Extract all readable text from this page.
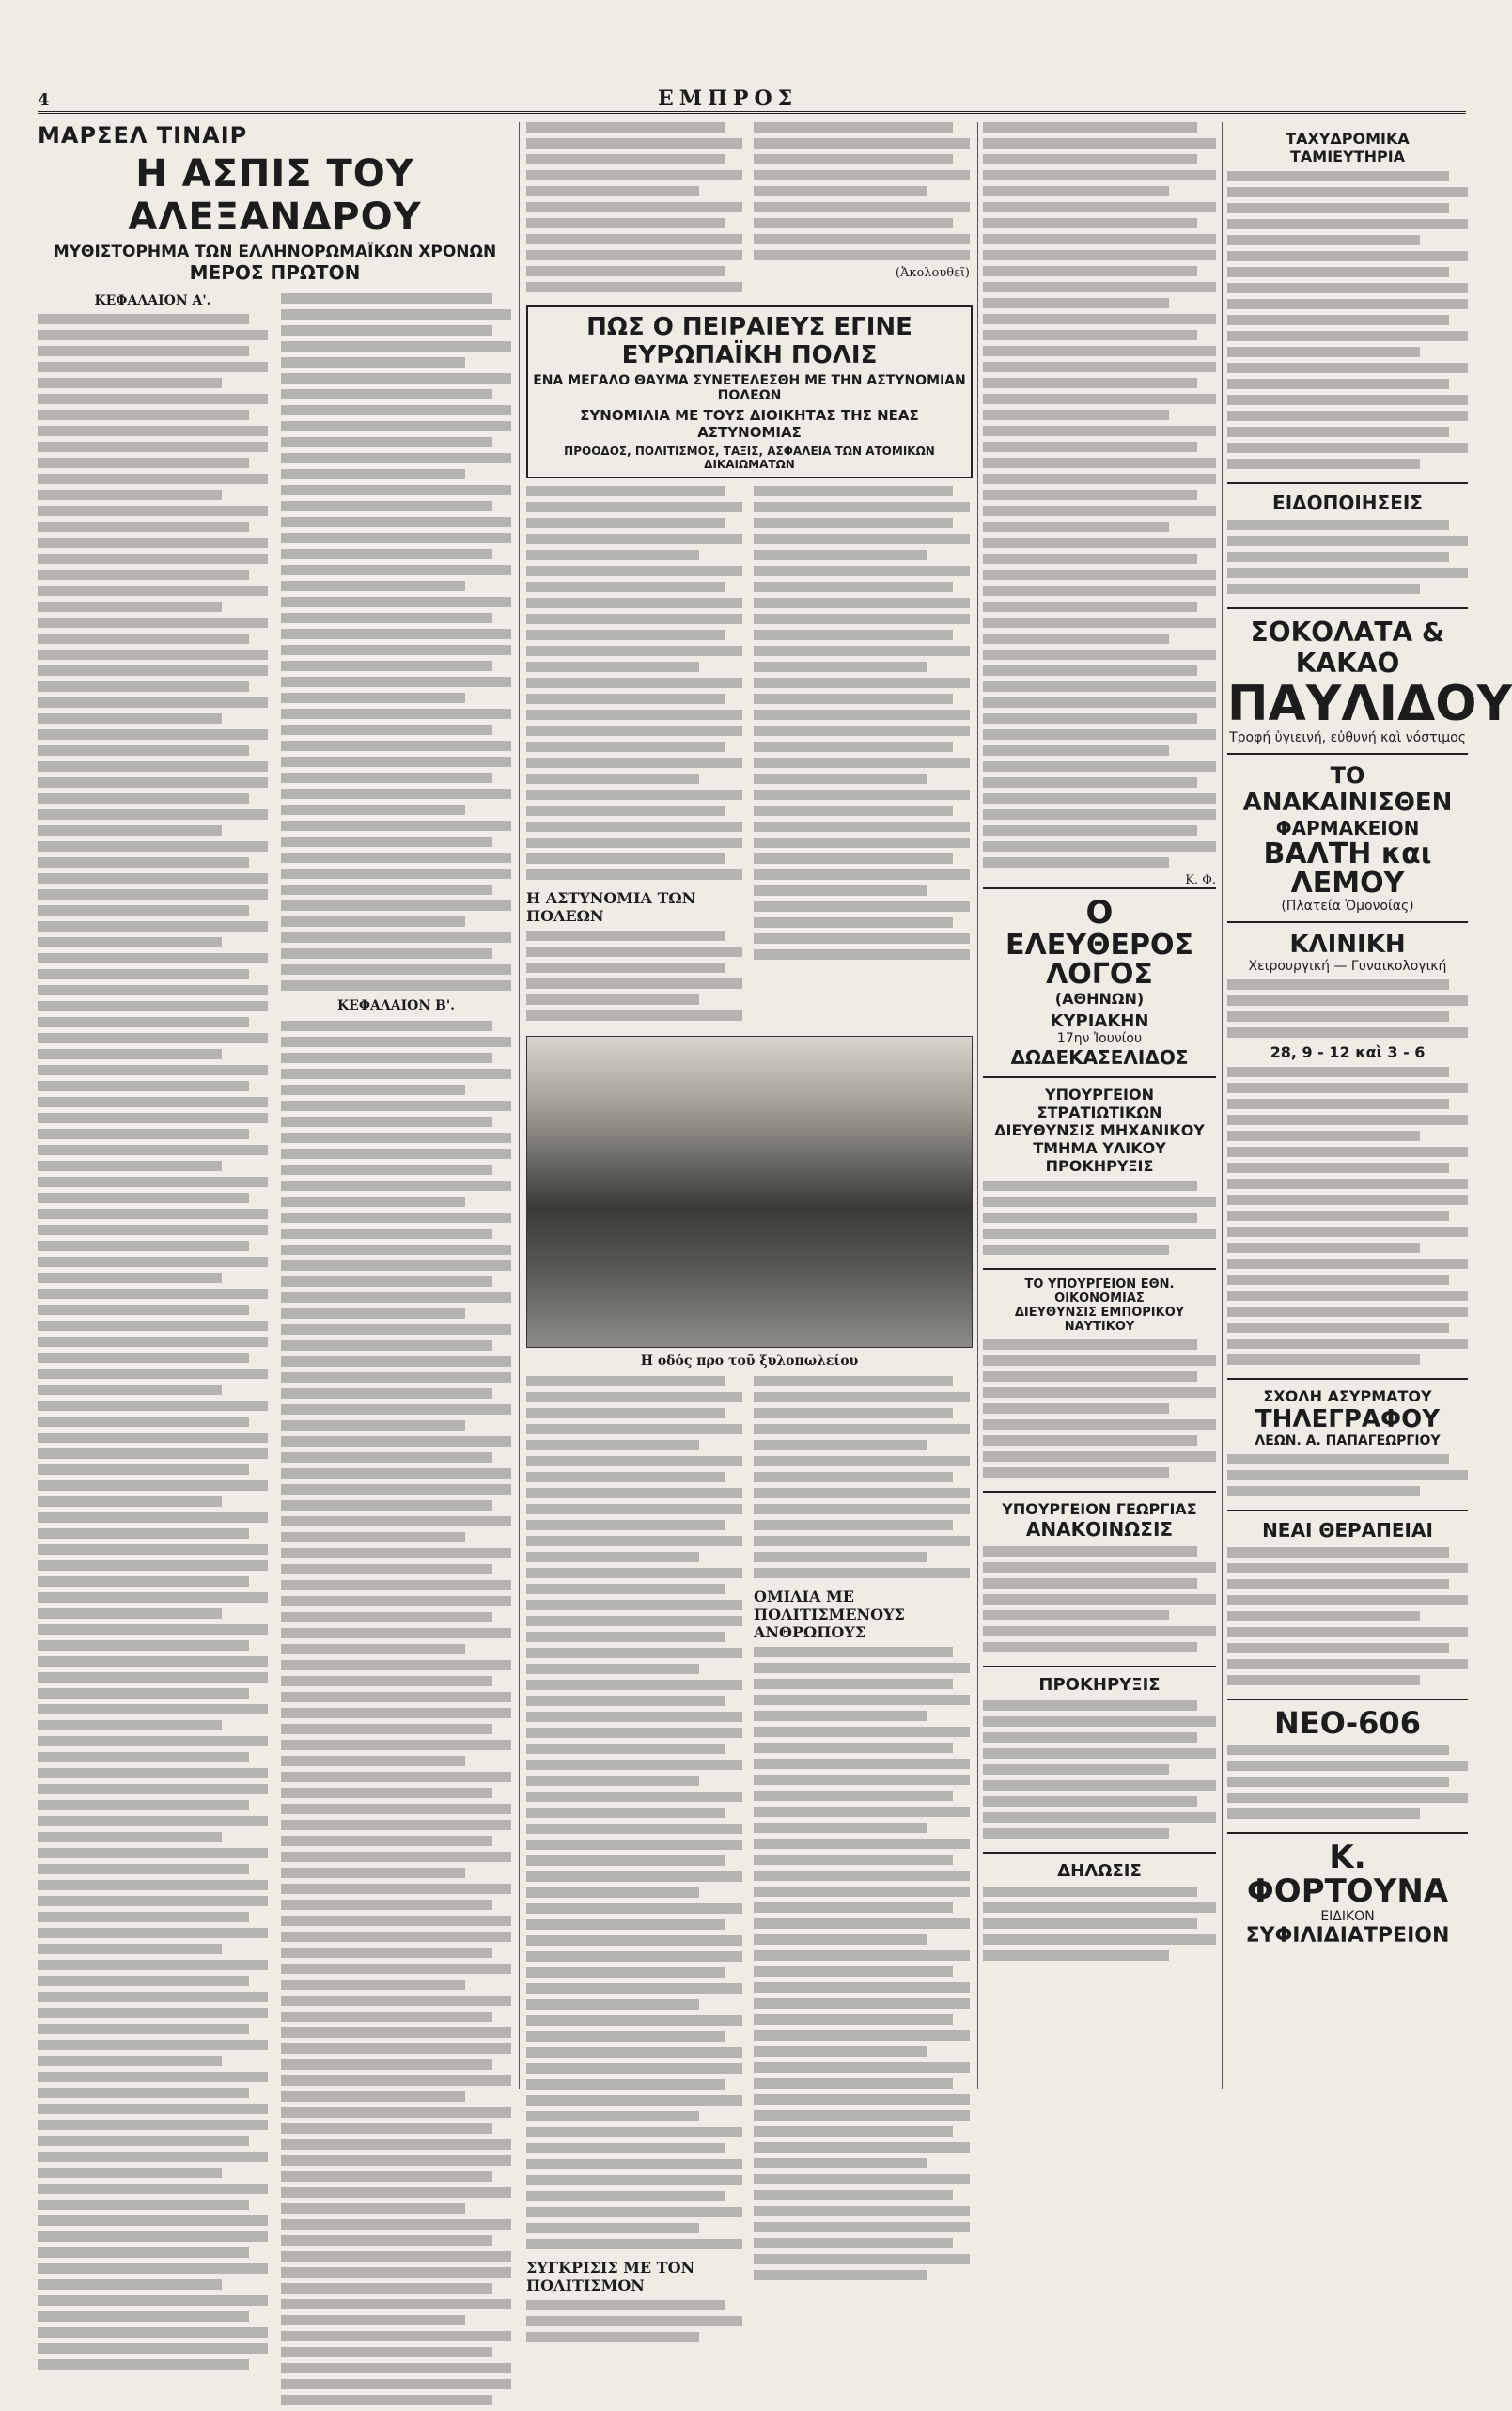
4	ΕΜΠΡΟΣ
ΜΑΡΣΕΛ ΤΙΝΑΙΡ
Η ΑΣΠΙΣ ΤΟΥ ΑΛΕΞΑΝΔΡΟΥ
ΜΥΘΙΣΤΟΡΗΜΑ ΤΩΝ ΕΛΛΗΝΟΡΩΜΑΪΚΩΝ ΧΡΟΝΩΝ
ΜΕΡΟΣ ΠΡΩΤΟΝ
ΚΕΦΑΛΑΙΟΝ Α'.
ΚΕΦΑΛΑΙΟΝ Β'.
(Ἀκολουθεῖ)
ΠΩΣ Ο ΠΕΙΡΑΙΕΥΣ ΕΓΙΝΕ ΕΥΡΩΠΑΪΚΗ ΠΟΛΙΣ
ΕΝΑ ΜΕΓΑΛΟ ΘΑΥΜΑ ΣΥΝΕΤΕΛΕΣΘΗ ΜΕ ΤΗΝ ΑΣΤΥΝΟΜΙΑΝ ΠΟΛΕΩΝ
ΣΥΝΟΜΙΛΙΑ ΜΕ ΤΟΥΣ ΔΙΟΙΚΗΤΑΣ ΤΗΣ ΝΕΑΣ ΑΣΤΥΝΟΜΙΑΣ
ΠΡΟΟΔΟΣ, ΠΟΛΙΤΙΣΜΟΣ, ΤΑΞΙΣ, ΑΣΦΑΛΕΙΑ ΤΩΝ ΑΤΟΜΙΚΩΝ ΔΙΚΑΙΩΜΑΤΩΝ
Η ΑΣΤΥΝΟΜΙΑ ΤΩΝ ΠΟΛΕΩΝ
Η οδός προ τοῦ ξυλοπωλείου
ΣΥΓΚΡΙΣΙΣ ΜΕ ΤΟΝ ΠΟΛΙΤΙΣΜΟΝ
ΟΜΙΛΙΑ ΜΕ ΠΟΛΙΤΙΣΜΕΝΟΥΣ ΑΝΘΡΩΠΟΥΣ
Κ. Φ.
Ο
ΕΛΕΥΘΕΡΟΣ ΛΟΓΟΣ
(ΑΘΗΝΩΝ)
ΚΥΡΙΑΚΗΝ
17ην Ἰουνίου
ΔΩΔΕΚΑΣΕΛΙΔΟΣ
ΥΠΟΥΡΓΕΙΟΝ ΣΤΡΑΤΙΩΤΙΚΩΝ
ΔΙΕΥΘΥΝΣΙΣ ΜΗΧΑΝΙΚΟΥ
ΤΜΗΜΑ ΥΛΙΚΟΥ
ΠΡΟΚΗΡΥΞΙΣ
ΤΟ ΥΠΟΥΡΓΕΙΟΝ ΕΘΝ. ΟΙΚΟΝΟΜΙΑΣ
ΔΙΕΥΘΥΝΣΙΣ ΕΜΠΟΡΙΚΟΥ ΝΑΥΤΙΚΟΥ
ΥΠΟΥΡΓΕΙΟΝ ΓΕΩΡΓΙΑΣ
ΑΝΑΚΟΙΝΩΣΙΣ
ΠΡΟΚΗΡΥΞΙΣ
ΔΗΛΩΣΙΣ
ΤΑΧΥΔΡΟΜΙΚΑ ΤΑΜΙΕΥΤΗΡΙΑ
ΕΙΔΟΠΟΙΗΣΕΙΣ
ΣΟΚΟΛΑΤΑ & ΚΑΚΑΟ
ΠΑΥΛΙΔΟΥ
Τροφή ὑγιεινή, εὐθυνή καὶ νόστιμος
ΤΟ
ΑΝΑΚΑΙΝΙΣΘΕΝ
ΦΑΡΜΑΚΕΙΟΝ
ΒΑΛΤΗ και ΛΕΜΟΥ
(Πλατεία Ὁμονοίας)
ΚΛΙΝΙΚΗ
Χειρουργική — Γυναικολογική
28, 9 - 12 καὶ 3 - 6
ΣΧΟΛΗ ΑΣΥΡΜΑΤΟΥ
ΤΗΛΕΓΡΑΦΟΥ
ΛΕΩΝ. Α. ΠΑΠΑΓΕΩΡΓΙΟΥ
ΝΕΑΙ ΘΕΡΑΠΕΙΑΙ
ΝΕΟ-606
Κ. ΦΟΡΤΟΥΝΑ
ΕΙΔΙΚΟΝ
ΣΥΦΙΛΙΔΙΑΤΡΕΙΟΝ
